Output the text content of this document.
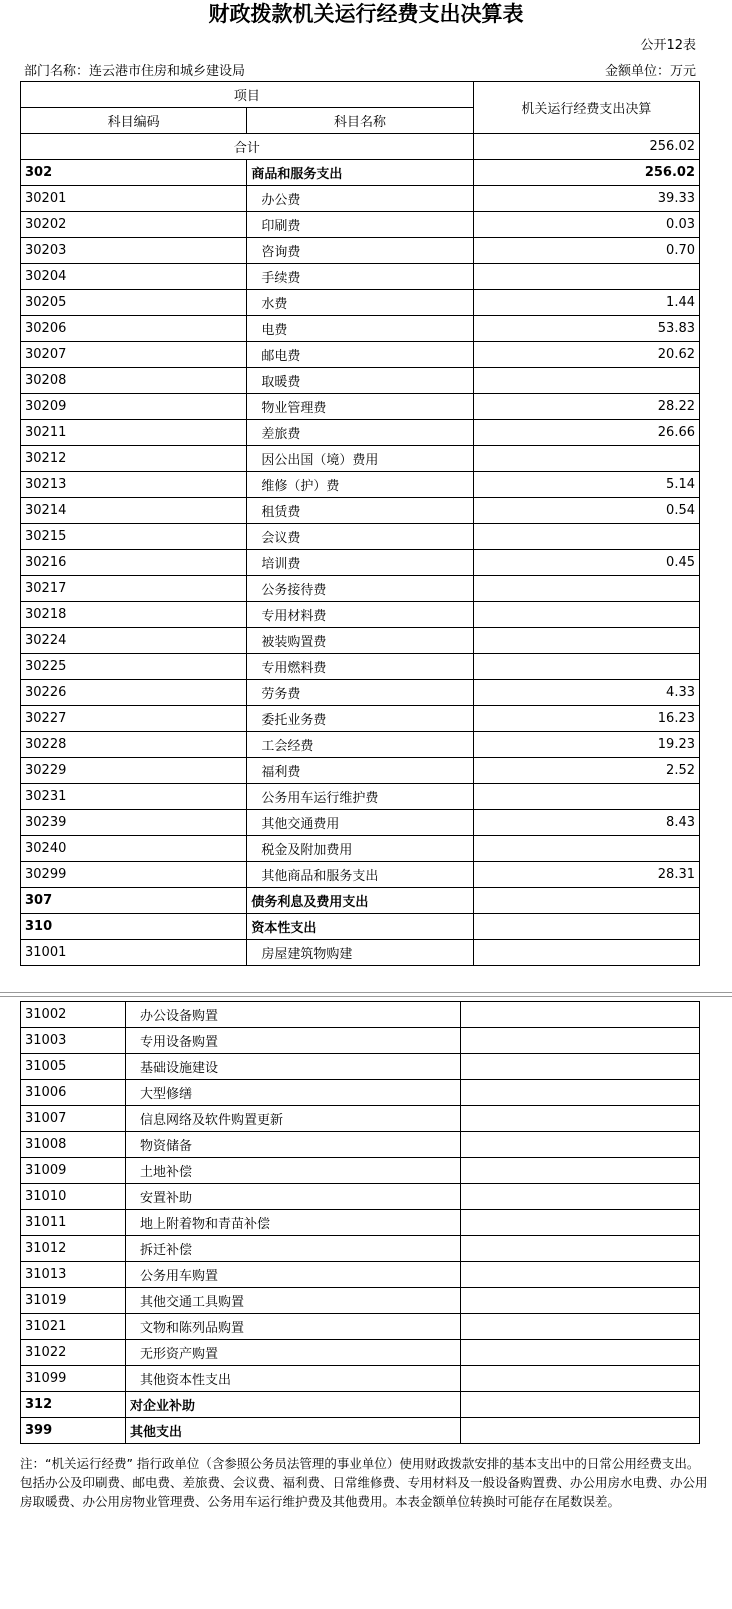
财政拨款机关运行经费支出决算表
公开12表
部门名称：连云港市住房和城乡建设局	金额单位：万元
项目		机关运行经费支出决算
科目编码	科目名称	
合计		256.02
302	商品和服务支出	256.02
30201	办公费	39.33
30202	印刷费	0.03
30203	咨询费	0.70
30204	手续费	
30205	水费	1.44
30206	电费	53.83
30207	邮电费	20.62
30208	取暖费	
30209	物业管理费	28.22
30211	差旅费	26.66
30212	因公出国（境）费用	
30213	维修（护）费	5.14
30214	租赁费	0.54
30215	会议费	
30216	培训费	0.45
30217	公务接待费	
30218	专用材料费	
30224	被装购置费	
30225	专用燃料费	
30226	劳务费	4.33
30227	委托业务费	16.23
30228	工会经费	19.23
30229	福利费	2.52
30231	公务用车运行维护费	
30239	其他交通费用	8.43
30240	税金及附加费用	
30299	其他商品和服务支出	28.31
307	债务利息及费用支出	
310	资本性支出	
31001	房屋建筑物购建	
31002	办公设备购置	
31003	专用设备购置	
31005	基础设施建设	
31006	大型修缮	
31007	信息网络及软件购置更新	
31008	物资储备	
31009	土地补偿	
31010	安置补助	
31011	地上附着物和青苗补偿	
31012	拆迁补偿	
31013	公务用车购置	
31019	其他交通工具购置	
31021	文物和陈列品购置	
31022	无形资产购置	
31099	其他资本性支出	
312	对企业补助	
399	其他支出	
注：“机关运行经费” 指行政单位（含参照公务员法管理的事业单位）使用财政拨款安排的基本支出中的日常公用经费支出。包括办公及印刷费、邮电费、差旅费、会议费、福利费、日常维修费、专用材料及一般设备购置费、办公用房水电费、办公用房取暖费、办公用房物业管理费、公务用车运行维护费及其他费用。本表金额单位转换时可能存在尾数误差。
